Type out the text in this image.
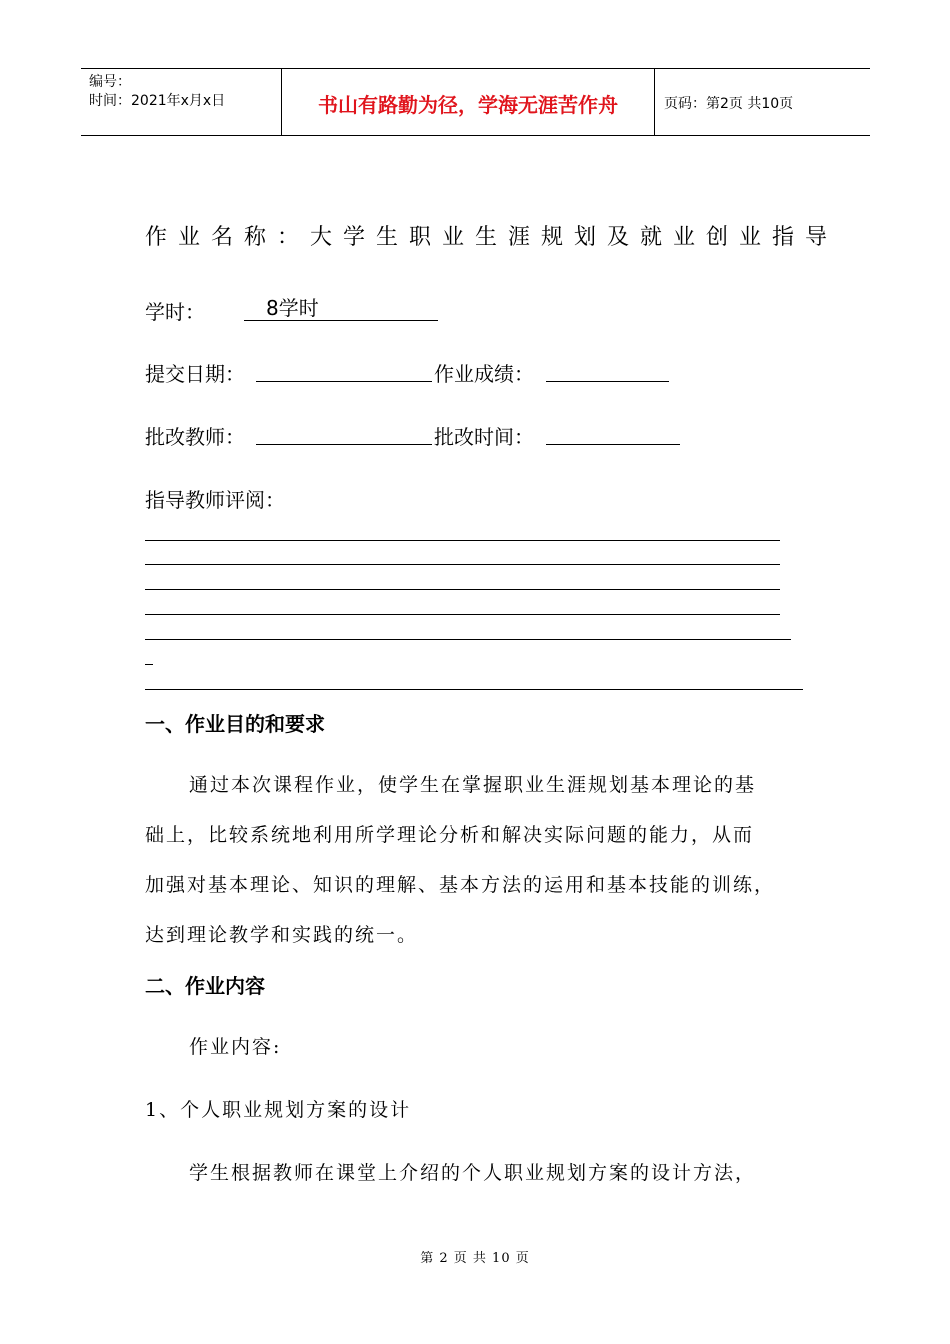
编号：
时间：2021年x月x日	书山有路勤为径，学海无涯苦作舟	页码：第2页 共10页
作业名称：大学生职业生涯规划及就业创业指导
学时：	8学时
提交日期：	作业成绩：
批改教师：	批改时间：
指导教师评阅：
一、作业目的和要求
通过本次课程作业，使学生在掌握职业生涯规划基本理论的基
础上，比较系统地利用所学理论分析和解决实际问题的能力，从而
加强对基本理论、知识的理解、基本方法的运用和基本技能的训练，
达到理论教学和实践的统一。
二、作业内容
作业内容:
1、个人职业规划方案的设计
学生根据教师在课堂上介绍的个人职业规划方案的设计方法，
第 2 页 共 10 页
